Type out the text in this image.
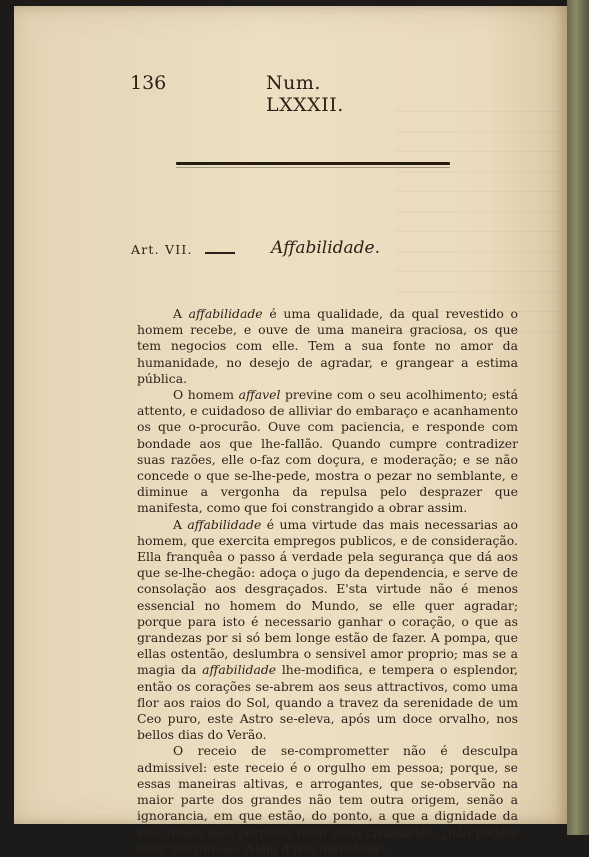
136	Num. LXXXII.
Art. VII.	Affabilidade.

A affabilidade é uma qualidade, da qual revestido o homem recebe, e ouve de uma maneira graciosa, os que tem negocios com elle. Tem a sua fonte no amor da humanidade, no desejo de agradar, e grangear a estima pública.

O homem affavel previne com o seu acolhimento; está attento, e cuidadoso de alliviar do embaraço e acanhamento os que o-procurão. Ouve com paciencia, e responde com bondade aos que lhe-fallão. Quando cumpre contradizer suas razões, elle o-faz com doçura, e moderação; e se não concede o que se-lhe-pede, mostra o pezar no semblante, e diminue a vergonha da repulsa pelo desprazer que manifesta, como que foi constrangido a obrar assim.

A affabilidade é uma virtude das mais necessarias ao homem, que exercita empregos publicos, e de consideração. Ella franquêa o passo á verdade pela segurança que dá aos que se-lhe-chegão: adoça o jugo da dependencia, e serve de consolação aos desgraçados. E'sta virtude não é menos essencial no homem do Mundo, se elle quer agradar; porque para isto é necessario ganhar o coração, o que as grandezas por si só bem longe estão de fazer. A pompa, que ellas ostentão, deslumbra o sensivel amor proprio; mas se a magia da affabilidade lhe-modifica, e tempera o esplendor, então os corações se-abrem aos seus attractivos, como uma flor aos raios do Sol, quando a travez da serenidade de um Ceo puro, este Astro se-eleva, após um doce orvalho, nos bellos dias do Verão.

O receio de se-comprometter não é desculpa admissivel: este receio é o orgulho em pessoa; porque, se essas maneiras altivas, e arrogantes, que se-observão na maior parte dos grandes não tem outra origem, senão a ignorancia, em que estão, do ponto, a que a dignidade da sua ordem lhes-permitte levar suas civilidades, ¿não podem elles instruir-se? Além d'isto não obser-
